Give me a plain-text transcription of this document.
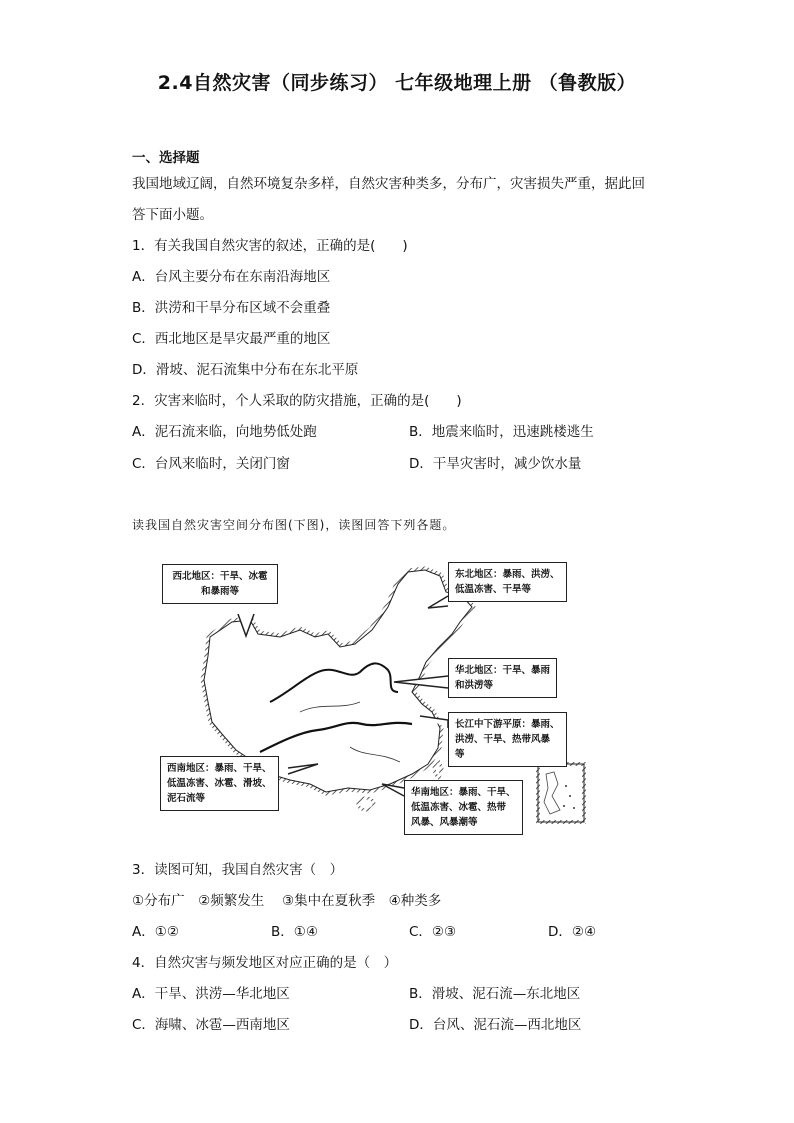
2.4自然灾害（同步练习） 七年级地理上册 （鲁教版）
一、选择题
我国地域辽阔，自然环境复杂多样，自然灾害种类多，分布广，灾害损失严重，据此回
答下面小题。
1．有关我国自然灾害的叙述，正确的是(　　)
A．台风主要分布在东南沿海地区
B．洪涝和干旱分布区域不会重叠
C．西北地区是旱灾最严重的地区
D．滑坡、泥石流集中分布在东北平原
2．灾害来临时，个人采取的防灾措施，正确的是(　　)
A．泥石流来临，向地势低处跑	B．地震来临时，迅速跳楼逃生
C．台风来临时，关闭门窗	D．干旱灾害时，减少饮水量
读我国自然灾害空间分布图(下图)，读图回答下列各题。
西北地区：干旱、冰雹
和暴雨等
东北地区：暴雨、洪涝、
低温冻害、干旱等
华北地区：干旱、暴雨
和洪涝等
长江中下游平原：暴雨、
洪涝、干旱、热带风暴
等
西南地区：暴雨、干旱、
低温冻害、冰雹、滑坡、
泥石流等
华南地区：暴雨、干旱、
低温冻害、冰雹、热带
风暴、风暴潮等
3．读图可知，我国自然灾害（　）
①分布广　②频繁发生　 ③集中在夏秋季　④种类多
A．①②	B．①④	C．②③	D．②④
4．自然灾害与频发地区对应正确的是（　）
A．干旱、洪涝—华北地区	B．滑坡、泥石流—东北地区
C．海啸、冰雹—西南地区	D．台风、泥石流—西北地区
